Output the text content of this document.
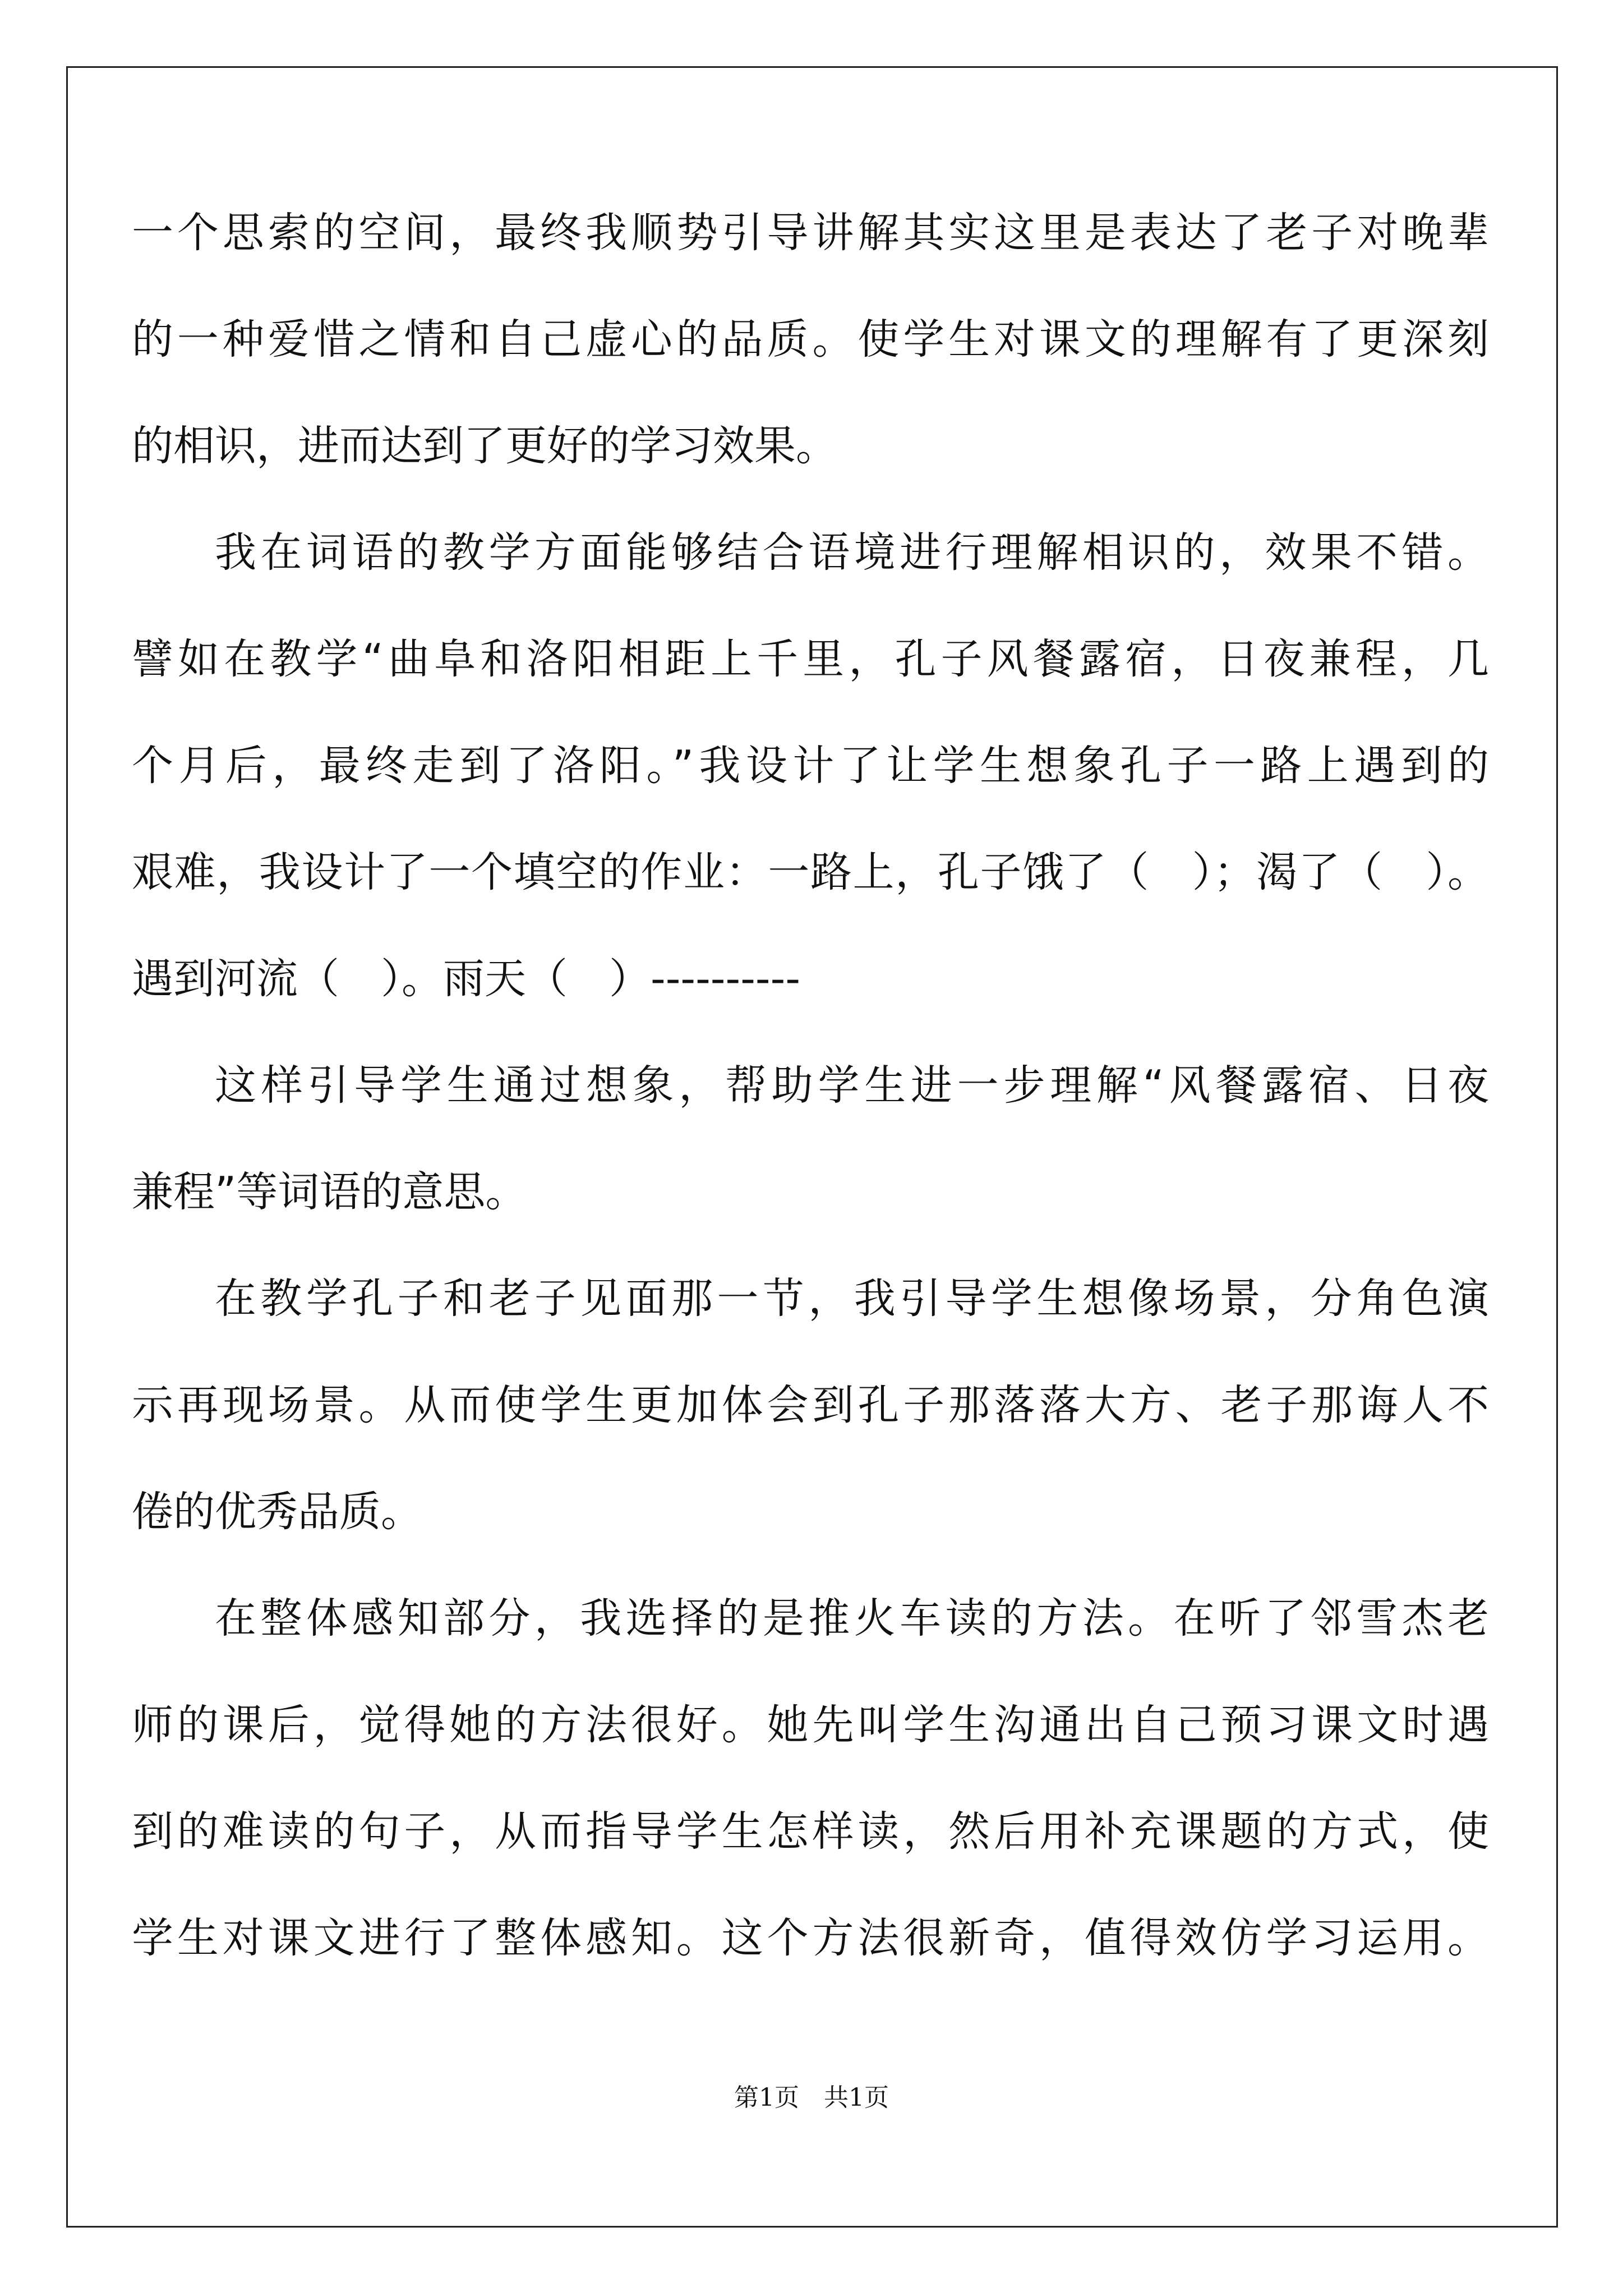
一个思索的空间，最终我顺势引导讲解其实这里是表达了老子对晚辈
的一种爱惜之情和自己虚心的品质。使学生对课文的理解有了更深刻
的相识，进而达到了更好的学习效果。
我在词语的教学方面能够结合语境进行理解相识的，效果不错。
譬如在教学“曲阜和洛阳相距上千里，孔子风餐露宿，日夜兼程，几
个月后，最终走到了洛阳。”我设计了让学生想象孔子一路上遇到的
艰难，我设计了一个填空的作业：一路上，孔子饿了（　）；渴了（　）。
遇到河流（　）。雨天（　）----------
这样引导学生通过想象，帮助学生进一步理解“风餐露宿、日夜
兼程”等词语的意思。
在教学孔子和老子见面那一节，我引导学生想像场景，分角色演
示再现场景。从而使学生更加体会到孔子那落落大方、老子那诲人不
倦的优秀品质。
在整体感知部分，我选择的是推火车读的方法。在听了邻雪杰老
师的课后，觉得她的方法很好。她先叫学生沟通出自己预习课文时遇
到的难读的句子，从而指导学生怎样读，然后用补充课题的方式，使
学生对课文进行了整体感知。这个方法很新奇，值得效仿学习运用。
第1页　共1页
